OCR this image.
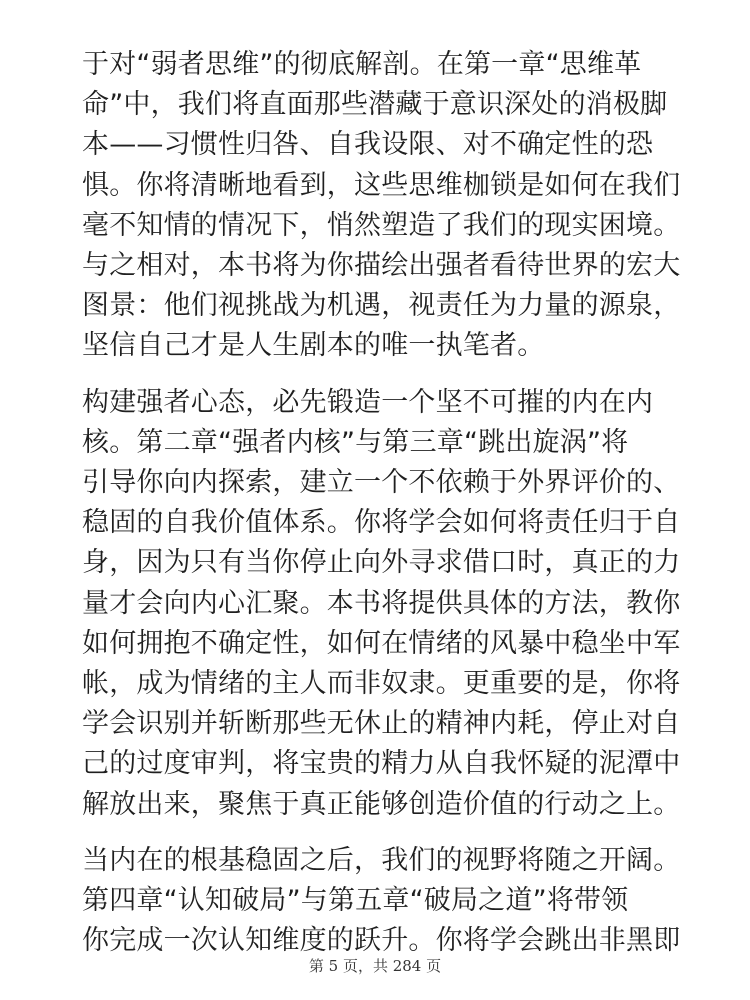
于对“弱者思维”的彻底解剖。在第一章“思维革
命”中，我们将直面那些潜藏于意识深处的消极脚
本——习惯性归咎、自我设限、对不确定性的恐
惧。你将清晰地看到，这些思维枷锁是如何在我们
毫不知情的情况下，悄然塑造了我们的现实困境。
与之相对，本书将为你描绘出强者看待世界的宏大
图景：他们视挑战为机遇，视责任为力量的源泉，
坚信自己才是人生剧本的唯一执笔者。

构建强者心态，必先锻造一个坚不可摧的内在内
核。第二章“强者内核”与第三章“跳出旋涡”将
引导你向内探索，建立一个不依赖于外界评价的、
稳固的自我价值体系。你将学会如何将责任归于自
身，因为只有当你停止向外寻求借口时，真正的力
量才会向内心汇聚。本书将提供具体的方法，教你
如何拥抱不确定性，如何在情绪的风暴中稳坐中军
帐，成为情绪的主人而非奴隶。更重要的是，你将
学会识别并斩断那些无休止的精神内耗，停止对自
己的过度审判，将宝贵的精力从自我怀疑的泥潭中
解放出来，聚焦于真正能够创造价值的行动之上。

当内在的根基稳固之后，我们的视野将随之开阔。
第四章“认知破局”与第五章“破局之道”将带领
你完成一次认知维度的跃升。你将学会跳出非黑即

第 5 页，共 284 页
